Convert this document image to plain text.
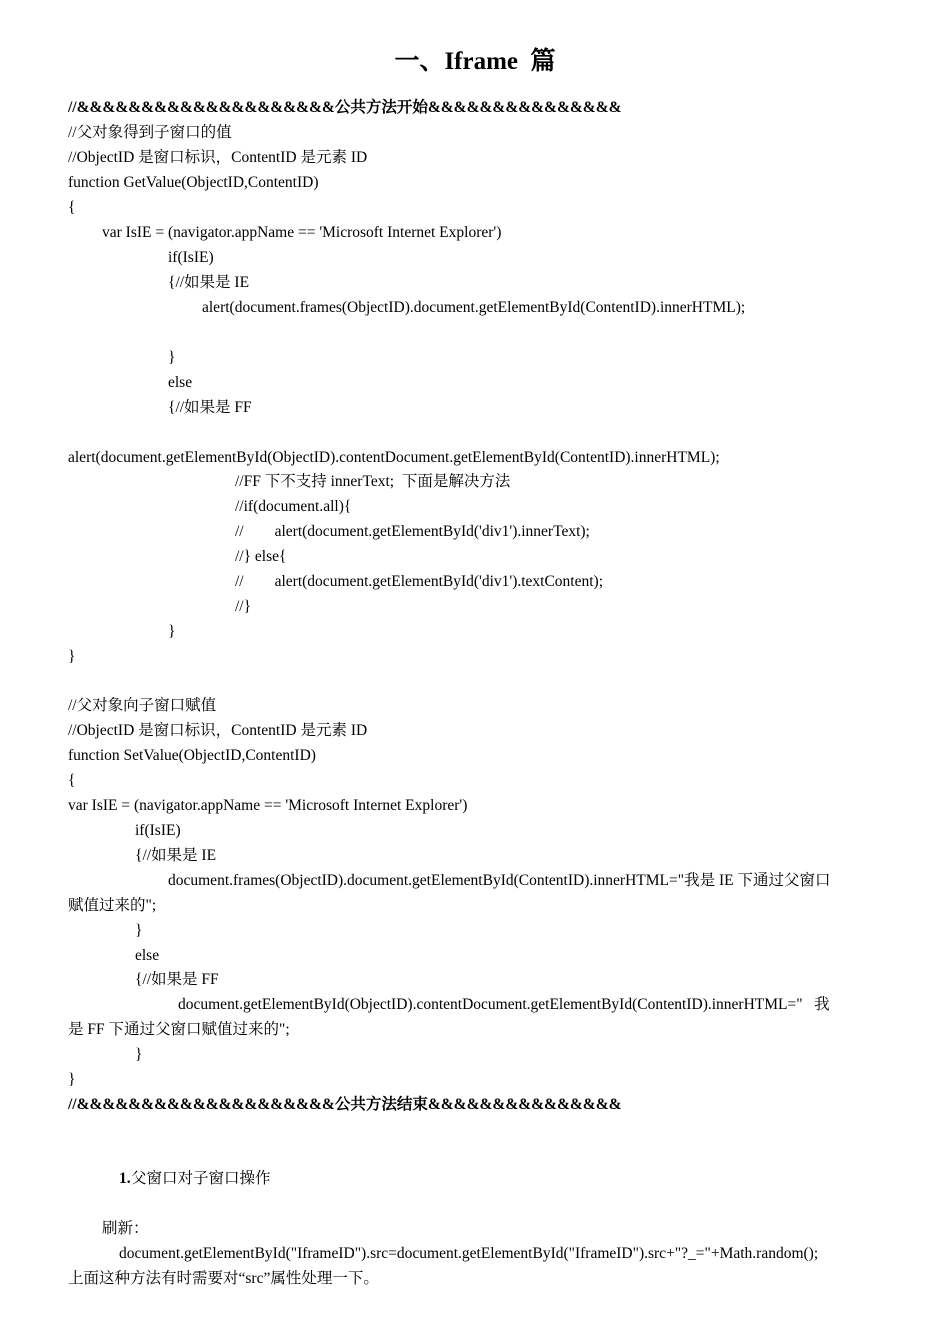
一、Iframe  篇
//&&&&&&&&&&&&&&&&&&&&公共方法开始&&&&&&&&&&&&&&&
//父对象得到子窗口的值
//ObjectID 是窗口标识，ContentID 是元素 ID
function GetValue(ObjectID,ContentID)
{
var IsIE = (navigator.appName == 'Microsoft Internet Explorer')
if(IsIE)
{//如果是 IE
alert(document.frames(ObjectID).document.getElementById(ContentID).innerHTML);
}
else
{//如果是 FF
alert(document.getElementById(ObjectID).contentDocument.getElementById(ContentID).innerHTML);
//FF 下不支持 innerText;  下面是解决方法
//if(document.all){
//        alert(document.getElementById('div1').innerText);
//} else{
//        alert(document.getElementById('div1').textContent);
//}
}
}
//父对象向子窗口赋值
//ObjectID 是窗口标识，ContentID 是元素 ID
function SetValue(ObjectID,ContentID)
{
var IsIE = (navigator.appName == 'Microsoft Internet Explorer')
if(IsIE)
{//如果是 IE
document.frames(ObjectID).document.getElementById(ContentID).innerHTML="我是 IE 下通过父窗口
赋值过来的";
}
else
{//如果是 FF
document.getElementById(ObjectID).contentDocument.getElementById(ContentID).innerHTML="   我
是 FF 下通过父窗口赋值过来的";
}
}
//&&&&&&&&&&&&&&&&&&&&公共方法结束&&&&&&&&&&&&&&&
1. 父窗口对子窗口操作
刷新：
document.getElementById("IframeID").src=document.getElementById("IframeID").src+"?_="+Math.random();
上面这种方法有时需要对“src”属性处理一下。
